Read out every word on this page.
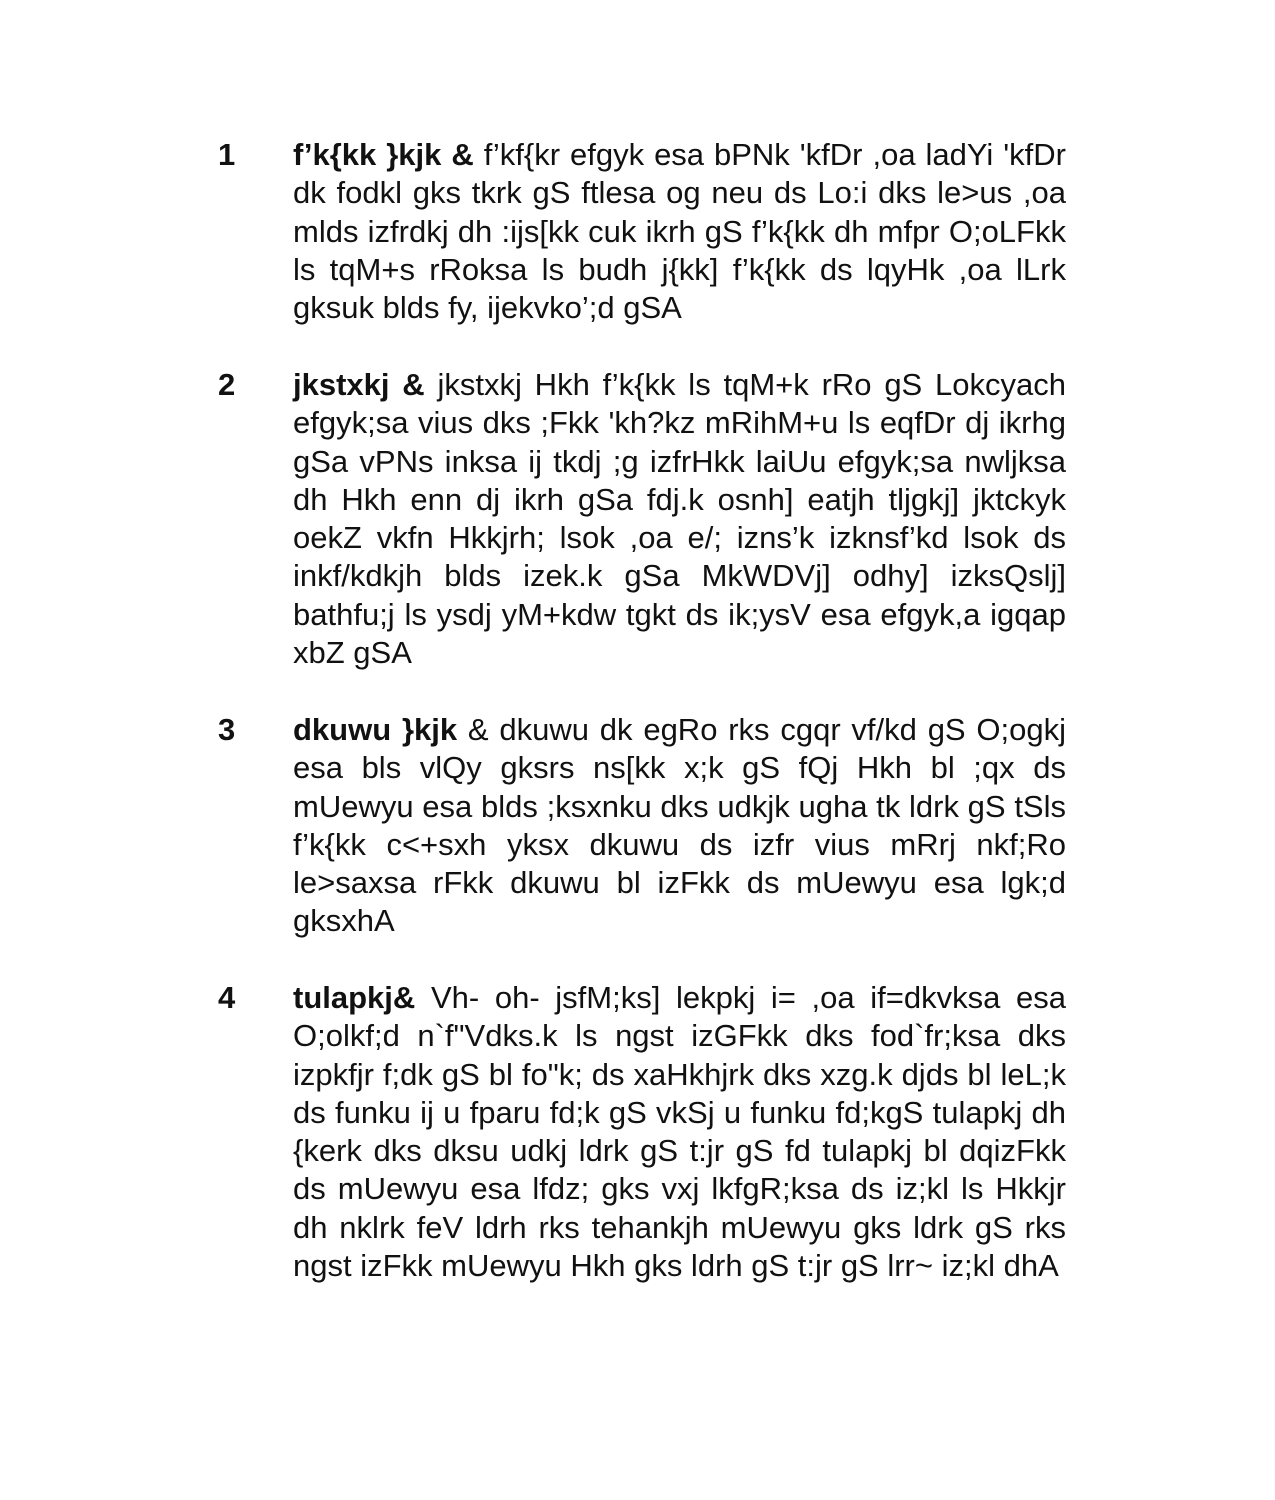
1 f’k{kk }kjk & f’kf{kr efgyk esa bPNk 'kfDr ,oa ladYi 'kfDr dk fodkl gks tkrk gS ftlesa og neu ds Lo:i dks le>us ,oa mlds izfrdkj dh :ijs[kk cuk ikrh gS f’k{kk dh mfpr O;oLFkk ls tqM+s rRoksa ls budh j{kk] f’k{kk ds lqyHk ,oa lLrk gksuk blds fy, ijekvko’;d gSA

2 jkstxkj & jkstxkj Hkh f’k{kk ls tqM+k rRo gS Lokcyach efgyk;sa vius dks ;Fkk 'kh?kz mRihM+u ls eqfDr dj ikrhg gSa vPNs inksa ij tkdj ;g izfrHkk laiUu efgyk;sa nwljksa dh Hkh enn dj ikrh gSa fdj.k osnh] eatjh tljgkj] jktckyk oekZ vkfn Hkkjrh; lsok ,oa e/; izns’k izknsf’kd lsok ds inkf/kdkjh blds izek.k gSa MkWDVj] odhy] izksQslj] bathfu;j ls ysdj yM+kdw tgkt ds ik;ysV esa efgyk,a igqap xbZ gSA

3 dkuwu }kjk & dkuwu dk egRo rks cgqr vf/kd gS O;ogkj esa bls vlQy gksrs ns[kk x;k gS fQj Hkh bl ;qx ds mUewyu esa blds ;ksxnku dks udkjk ugha tk ldrk gS tSls f’k{kk c<+sxh yksx dkuwu ds izfr vius mRrj nkf;Ro le>saxsa rFkk dkuwu bl izFkk ds mUewyu esa lgk;d gksxhA

4 tulapkj& Vh- oh- jsfM;ks] lekpkj i= ,oa if=dkvksa esa O;olkf;d n`f"Vdks.k ls ngst izGFkk dks fod`fr;ksa dks izpkfjr f;dk gS bl fo"k; ds xaHkhjrk dks xzg.k djds bl leL;k ds funku ij u fparu fd;k gS vkSj u funku fd;kgS tulapkj dh {kerk dks dksu udkj ldrk gS t:jr gS fd tulapkj bl dqizFkk ds mUewyu esa lfdz; gks vxj lkfgR;ksa ds iz;kl ls Hkkjr dh nklrk feV ldrh rks tehankjh mUewyu gks ldrk gS rks ngst izFkk mUewyu Hkh gks ldrh gS t:jr gS lrr~ iz;kl dhA
